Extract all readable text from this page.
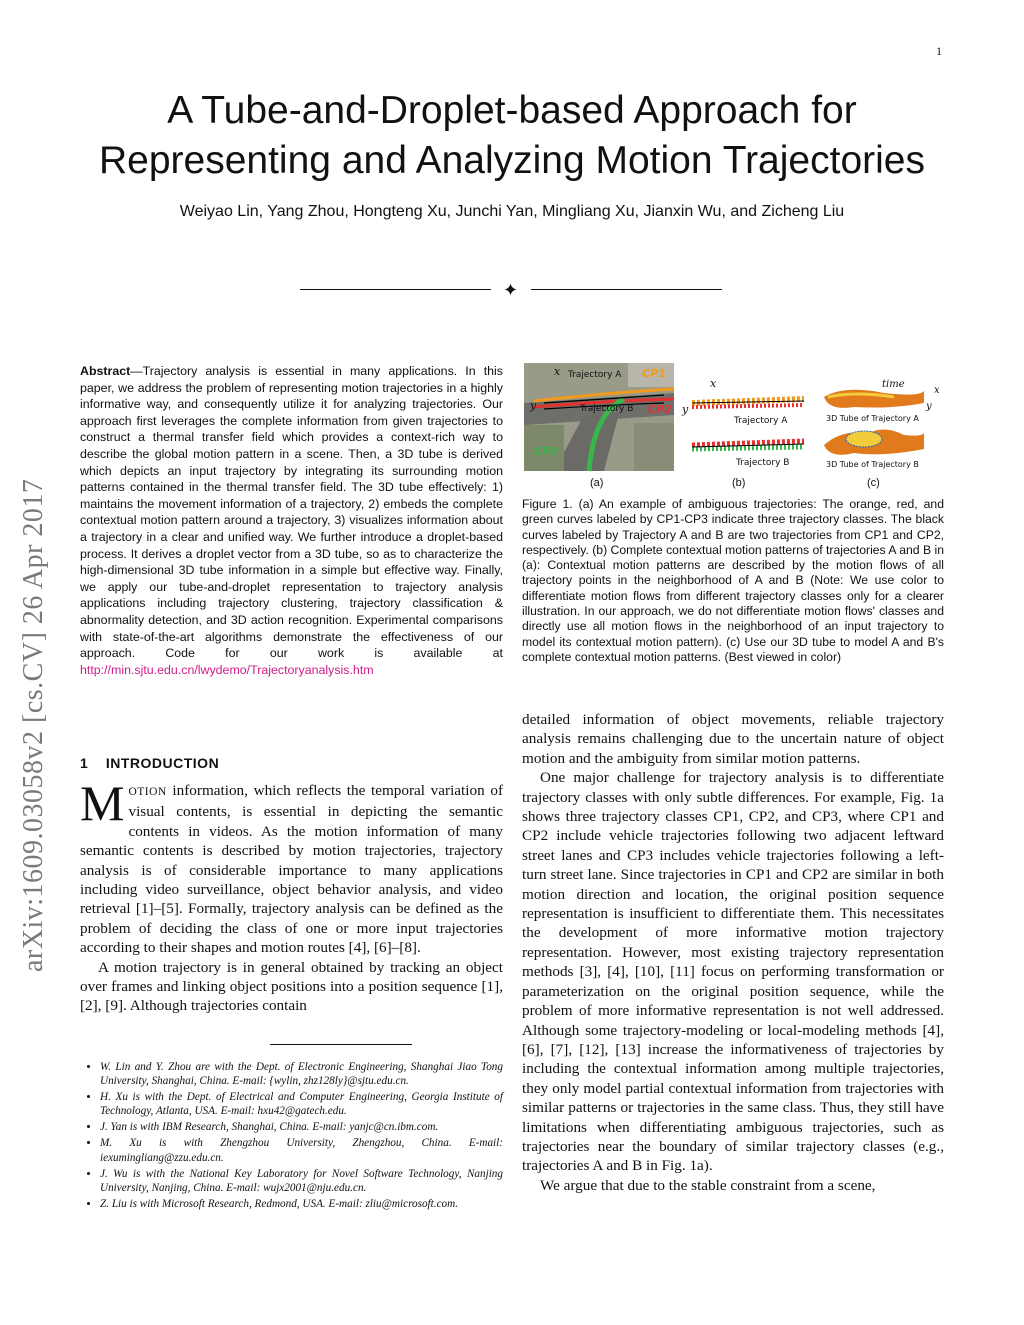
1
A Tube-and-Droplet-based Approach for
Representing and Analyzing Motion Trajectories
Weiyao Lin, Yang Zhou, Hongteng Xu, Junchi Yan, Mingliang Xu, Jianxin Wu, and Zicheng Liu
✦
arXiv:1609.03058v2 [cs.CV] 26 Apr 2017
Abstract—Trajectory analysis is essential in many applications. In this paper, we address the problem of representing motion trajectories in a highly informative way, and consequently utilize it for analyzing trajectories. Our approach first leverages the complete information from given trajectories to construct a thermal transfer field which provides a context-rich way to describe the global motion pattern in a scene. Then, a 3D tube is derived which depicts an input trajectory by integrating its surrounding motion patterns contained in the thermal transfer field. The 3D tube effectively: 1) maintains the movement information of a trajectory, 2) embeds the complete contextual motion pattern around a trajectory, 3) visualizes information about a trajectory in a clear and unified way. We further introduce a droplet-based process. It derives a droplet vector from a 3D tube, so as to characterize the high-dimensional 3D tube information in a simple but effective way. Finally, we apply our tube-and-droplet representation to trajectory analysis applications including trajectory clustering, trajectory classification & abnormality detection, and 3D action recognition. Experimental comparisons with state-of-the-art algorithms demonstrate the effectiveness of our approach. Code for our work is available at http://min.sjtu.edu.cn/lwydemo/Trajectoryanalysis.htm
1 INTRODUCTION

MOTION information, which reflects the temporal variation of visual contents, is essential in depicting the semantic contents in videos. As the motion information of many semantic contents is described by motion trajectories, trajectory analysis is of considerable importance to many applications including video surveillance, object behavior analysis, and video retrieval [1]–[5]. Formally, trajectory analysis can be defined as the problem of deciding the class of one or more input trajectories according to their shapes and motion routes [4], [6]–[8].

A motion trajectory is in general obtained by tracking an object over frames and linking object positions into a position sequence [1], [2], [9]. Although trajectories contain

• W. Lin and Y. Zhou are with the Dept. of Electronic Engineering, Shanghai Jiao Tong University, Shanghai, China. E-mail: {wylin, zhz128ly}@sjtu.edu.cn.
• H. Xu is with the Dept. of Electrical and Computer Engineering, Georgia Institute of Technology, Atlanta, USA. E-mail: hxu42@gatech.edu.
• J. Yan is with IBM Research, Shanghai, China. E-mail: yanjc@cn.ibm.com.
• M. Xu is with Zhengzhou University, Zhengzhou, China. E-mail: iexumingliang@zzu.edu.cn.
• J. Wu is with the National Key Laboratory for Novel Software Technology, Nanjing University, Nanjing, China. E-mail: wujx2001@nju.edu.cn.
• Z. Liu is with Microsoft Research, Redmond, USA. E-mail: zliu@microsoft.com.
x
y
Trajectory A
Trajectory B
CP1
CP2
CP3
x
y
Trajectory A
Trajectory B
time
x
y
3D Tube of Trajectory A
3D Tube of Trajectory B
(a)	(b)	(c)
Figure 1. (a) An example of ambiguous trajectories: The orange, red, and green curves labeled by CP1-CP3 indicate three trajectory classes. The black curves labeled by Trajectory A and B are two trajectories from CP1 and CP2, respectively. (b) Complete contextual motion patterns of trajectories A and B in (a): Contextual motion patterns are described by the motion flows of all trajectory points in the neighborhood of A and B (Note: We use color to differentiate motion flows from different trajectory classes only for a clearer illustration. In our approach, we do not differentiate motion flows' classes and directly use all motion flows in the neighborhood of an input trajectory to model its contextual motion pattern). (c) Use our 3D tube to model A and B's complete contextual motion patterns. (Best viewed in color)

detailed information of object movements, reliable trajectory analysis remains challenging due to the uncertain nature of object motion and the ambiguity from similar motion patterns.

One major challenge for trajectory analysis is to differentiate trajectory classes with only subtle differences. For example, Fig. 1a shows three trajectory classes CP1, CP2, and CP3, where CP1 and CP2 include vehicle trajectories following two adjacent leftward street lanes and CP3 includes vehicle trajectories following a left-turn street lane. Since trajectories in CP1 and CP2 are similar in both motion direction and location, the original position sequence representation is insufficient to differentiate them. This necessitates the development of more informative motion trajectory representation. However, most existing trajectory representation methods [3], [4], [10], [11] focus on performing transformation or parameterization on the original position sequence, while the problem of more informative representation is not well addressed. Although some trajectory-modeling or local-modeling methods [4], [6], [7], [12], [13] increase the informativeness of trajectories by including the contextual information among multiple trajectories, they only model partial contextual information from trajectories with similar patterns or trajectories in the same class. Thus, they still have limitations when differentiating ambiguous trajectories, such as trajectories near the boundary of similar trajectory classes (e.g., trajectories A and B in Fig. 1a).

We argue that due to the stable constraint from a scene,
